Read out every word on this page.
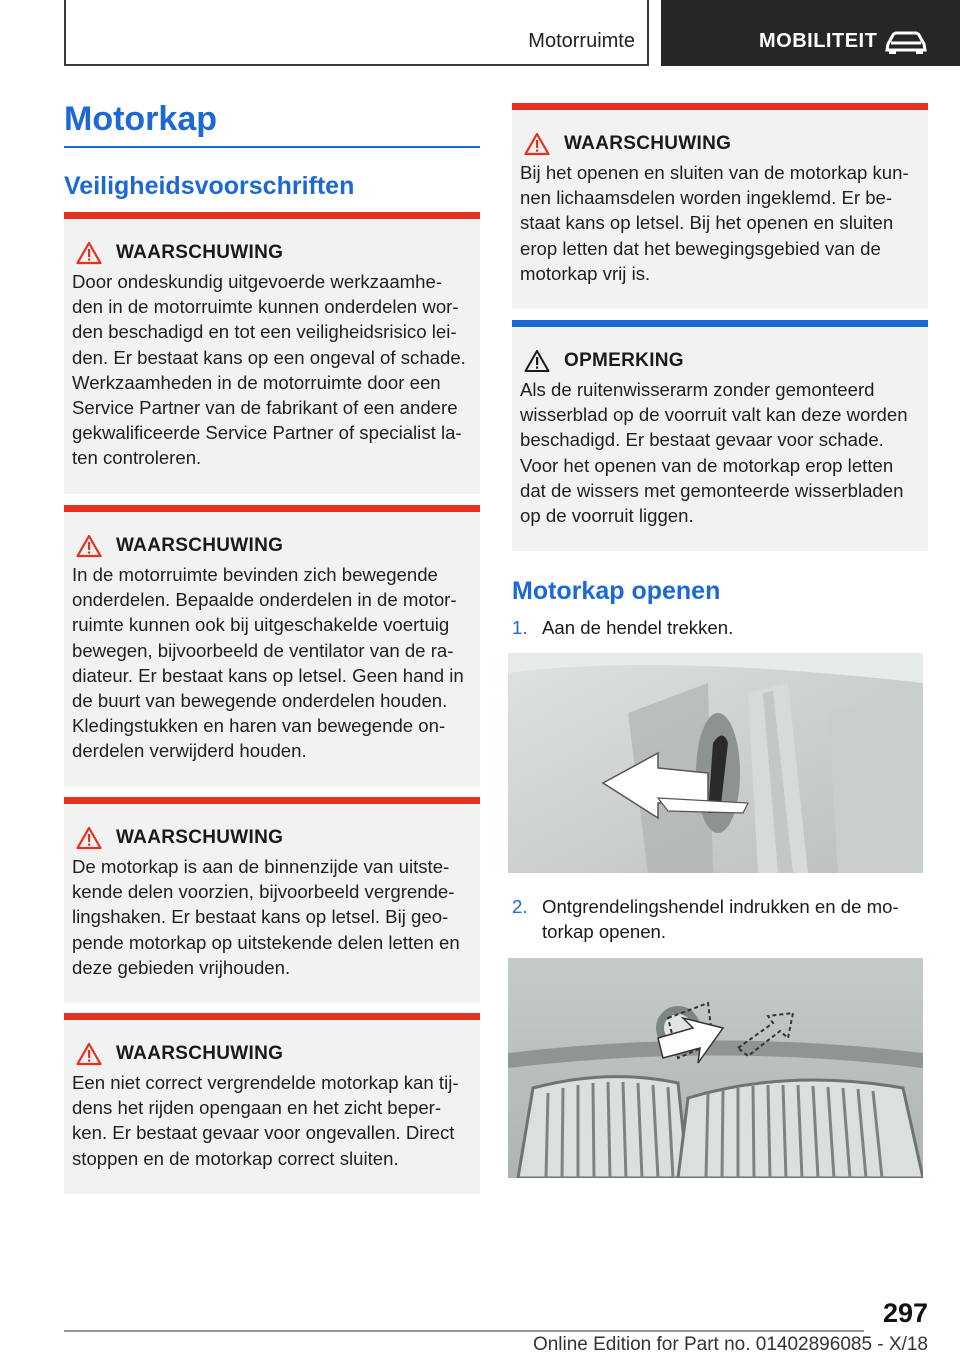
Motorruimte	MOBILITEIT
Motorkap
Veiligheidsvoorschriften
WAARSCHUWING

Door ondeskundig uitgevoerde werkzaamhe-den in de motorruimte kunnen onderdelen wor-den beschadigd en tot een veiligheidsrisico lei-den. Er bestaat kans op een ongeval of schade. Werkzaamheden in de motorruimte door een Service Partner van de fabrikant of een andere gekwalificeerde Service Partner of specialist la-ten controleren.

WAARSCHUWING

In de motorruimte bevinden zich bewegende onderdelen. Bepaalde onderdelen in de motor-ruimte kunnen ook bij uitgeschakelde voertuig bewegen, bijvoorbeeld de ventilator van de ra-diateur. Er bestaat kans op letsel. Geen hand in de buurt van bewegende onderdelen houden. Kledingstukken en haren van bewegende on-derdelen verwijderd houden.

WAARSCHUWING

De motorkap is aan de binnenzijde van uitste-kende delen voorzien, bijvoorbeeld vergrende-lingshaken. Er bestaat kans op letsel. Bij geo-pende motorkap op uitstekende delen letten en deze gebieden vrijhouden.

WAARSCHUWING

Een niet correct vergrendelde motorkap kan tij-dens het rijden opengaan en het zicht beper-ken. Er bestaat gevaar voor ongevallen. Direct stoppen en de motorkap correct sluiten.

WAARSCHUWING

Bij het openen en sluiten van de motorkap kun-nen lichaamsdelen worden ingeklemd. Er be-staat kans op letsel. Bij het openen en sluiten erop letten dat het bewegingsgebied van de motorkap vrij is.

OPMERKING

Als de ruitenwisserarm zonder gemonteerd wisserblad op de voorruit valt kan deze worden beschadigd. Er bestaat gevaar voor schade. Voor het openen van de motorkap erop letten dat de wissers met gemonteerde wisserbladen op de voorruit liggen.

Motorkap openen
1. Aan de hendel trekken.
2. Ontgrendelingshendel indrukken en de mo-torkap openen.
297
Online Edition for Part no. 01402896085 - X/18
